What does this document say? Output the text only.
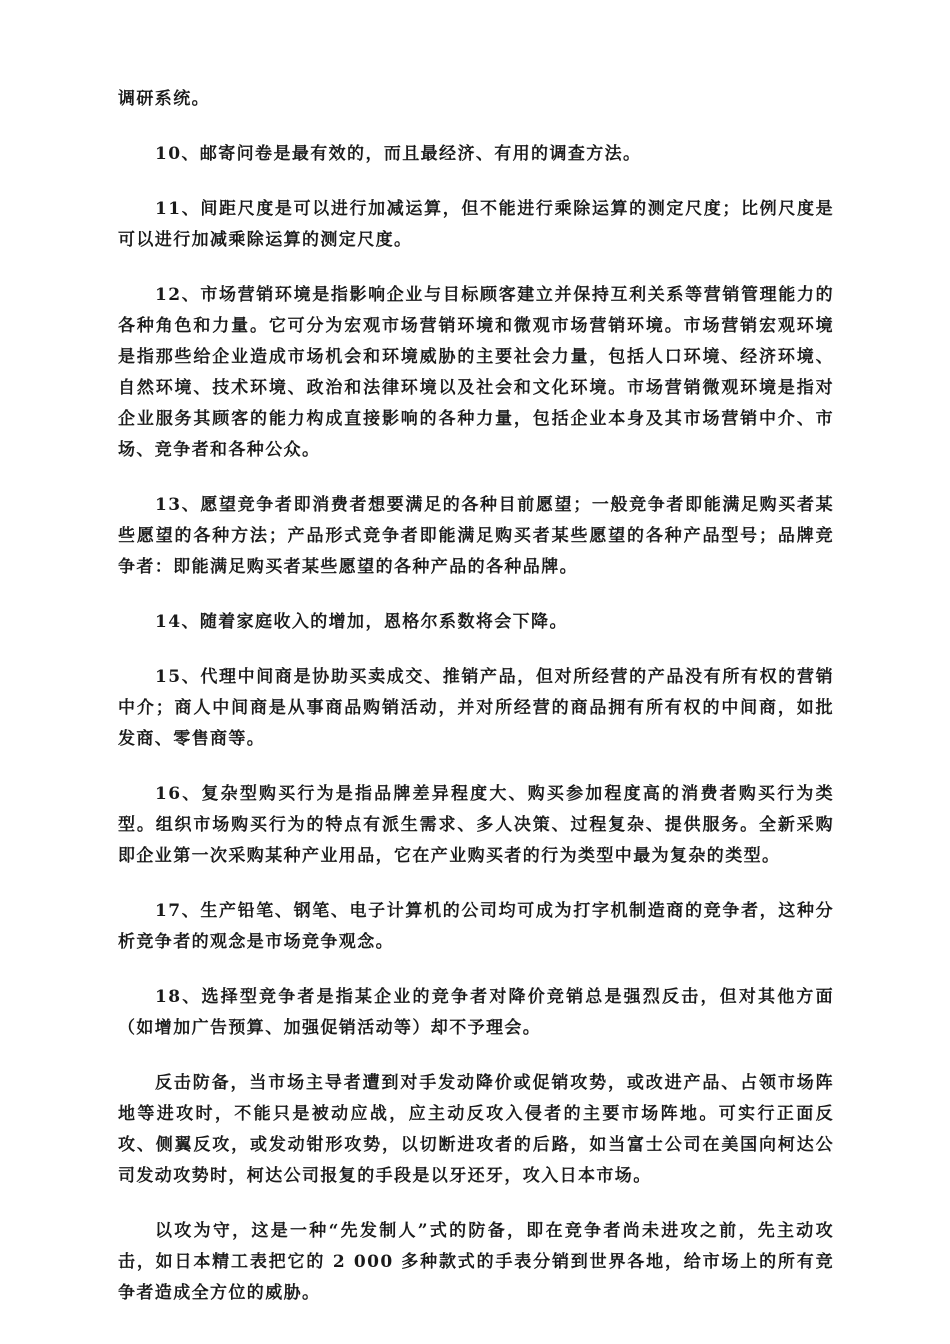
调研系统。

10、邮寄问卷是最有效的，而且最经济、有用的调查方法。

11、间距尺度是可以进行加减运算，但不能进行乘除运算的测定尺度；比例尺度是可以进行加减乘除运算的测定尺度。

12、市场营销环境是指影响企业与目标顾客建立并保持互利关系等营销管理能力的各种角色和力量。它可分为宏观市场营销环境和微观市场营销环境。市场营销宏观环境是指那些给企业造成市场机会和环境威胁的主要社会力量，包括人口环境、经济环境、自然环境、技术环境、政治和法律环境以及社会和文化环境。市场营销微观环境是指对企业服务其顾客的能力构成直接影响的各种力量，包括企业本身及其市场营销中介、市场、竞争者和各种公众。

13、愿望竞争者即消费者想要满足的各种目前愿望；一般竞争者即能满足购买者某些愿望的各种方法；产品形式竞争者即能满足购买者某些愿望的各种产品型号；品牌竞争者：即能满足购买者某些愿望的各种产品的各种品牌。

14、随着家庭收入的增加，恩格尔系数将会下降。

15、代理中间商是协助买卖成交、推销产品，但对所经营的产品没有所有权的营销中介；商人中间商是从事商品购销活动，并对所经营的商品拥有所有权的中间商，如批发商、零售商等。

16、复杂型购买行为是指品牌差异程度大、购买参加程度高的消费者购买行为类型。组织市场购买行为的特点有派生需求、多人决策、过程复杂、提供服务。全新采购即企业第一次采购某种产业用品，它在产业购买者的行为类型中最为复杂的类型。

17、生产铅笔、钢笔、电子计算机的公司均可成为打字机制造商的竞争者，这种分析竞争者的观念是市场竞争观念。

18、选择型竞争者是指某企业的竞争者对降价竞销总是强烈反击，但对其他方面（如增加广告预算、加强促销活动等）却不予理会。

反击防备，当市场主导者遭到对手发动降价或促销攻势，或改进产品、占领市场阵地等进攻时，不能只是被动应战，应主动反攻入侵者的主要市场阵地。可实行正面反攻、侧翼反攻，或发动钳形攻势，以切断进攻者的后路，如当富士公司在美国向柯达公司发动攻势时，柯达公司报复的手段是以牙还牙，攻入日本市场。

以攻为守，这是一种“先发制人”式的防备，即在竞争者尚未进攻之前，先主动攻击，如日本精工表把它的 2 000 多种款式的手表分销到世界各地，给市场上的所有竞争者造成全方位的威胁。
